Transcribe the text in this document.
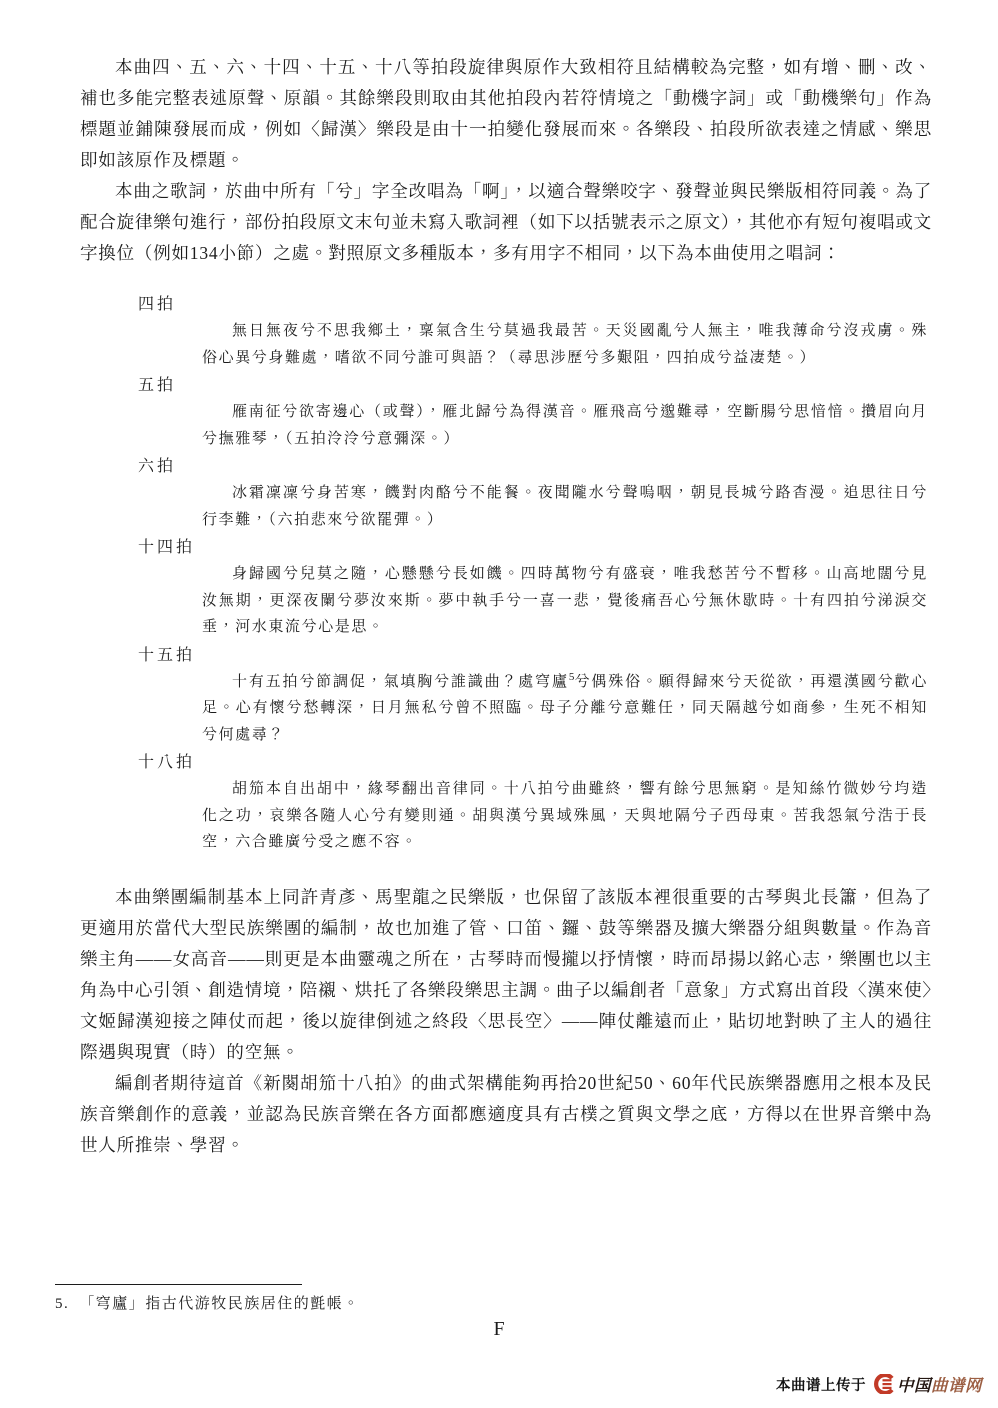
本曲四、五、六、十四、十五、十八等拍段旋律與原作大致相符且結構較為完整，如有增、刪、改、補也多能完整表述原聲、原韻。其餘樂段則取由其他拍段內若符情境之「動機字詞」或「動機樂句」作為標題並鋪陳發展而成，例如〈歸漢〉樂段是由十一拍變化發展而來。各樂段、拍段所欲表達之情感、樂思即如該原作及標題。

本曲之歌詞，於曲中所有「兮」字全改唱為「啊」，以適合聲樂咬字、發聲並與民樂版相符同義。為了配合旋律樂句進行，部份拍段原文末句並未寫入歌詞裡（如下以括號表示之原文），其他亦有短句複唱或文字換位（例如134小節）之處。對照原文多種版本，多有用字不相同，以下為本曲使用之唱詞：

四拍

無日無夜兮不思我鄉土，稟氣含生兮莫過我最苦。天災國亂兮人無主，唯我薄命兮沒戎虜。殊俗心異兮身難處，嗜欲不同兮誰可與語？（尋思涉歷兮多艱阻，四拍成兮益凄楚。）

五拍

雁南征兮欲寄邊心（或聲），雁北歸兮為得漢音。雁飛高兮邈難尋，空斷腸兮思愔愔。攢眉向月兮撫雅琴，（五拍泠泠兮意彌深。）

六拍

冰霜凜凜兮身苦寒，饑對肉酪兮不能餐。夜聞隴水兮聲嗚咽，朝見長城兮路杳漫。追思往日兮行李難，（六拍悲來兮欲罷彈。）

十四拍

身歸國兮兒莫之隨，心懸懸兮長如饑。四時萬物兮有盛衰，唯我愁苦兮不暫移。山高地闊兮見汝無期，更深夜闌兮夢汝來斯。夢中執手兮一喜一悲，覺後痛吾心兮無休歇時。十有四拍兮涕淚交垂，河水東流兮心是思。

十五拍

十有五拍兮節調促，氣填胸兮誰識曲？處穹廬$^5$兮偶殊俗。願得歸來兮天從欲，再還漢國兮歡心足。心有懷兮愁轉深，日月無私兮曾不照臨。母子分離兮意難任，同天隔越兮如商參，生死不相知兮何處尋？

十八拍

胡笳本自出胡中，緣琴翻出音律同。十八拍兮曲雖終，響有餘兮思無窮。是知絲竹微妙兮均造化之功，哀樂各隨人心兮有變則通。胡與漢兮異域殊風，天與地隔兮子西母東。苦我怨氣兮浩于長空，六合雖廣兮受之應不容。

本曲樂團編制基本上同許青彥、馬聖龍之民樂版，也保留了該版本裡很重要的古琴與北長簫，但為了更適用於當代大型民族樂團的編制，故也加進了管、口笛、鑼、鼓等樂器及擴大樂器分組與數量。作為音樂主角——女高音——則更是本曲靈魂之所在，古琴時而慢攏以抒情懷，時而昂揚以銘心志，樂團也以主角為中心引領、創造情境，陪襯、烘托了各樂段樂思主調。曲子以編創者「意象」方式寫出首段〈漢來使〉文姬歸漢迎接之陣仗而起，後以旋律倒述之終段〈思長空〉——陣仗離遠而止，貼切地對映了主人的過往際遇與現實（時）的空無。

編創者期待這首《新闋胡笳十八拍》的曲式架構能夠再拾20世紀50、60年代民族樂器應用之根本及民族音樂創作的意義，並認為民族音樂在各方面都應適度具有古樸之質與文學之底，方得以在世界音樂中為世人所推崇、學習。

5. 「穹廬」指古代游牧民族居住的氈帳。
F
本曲谱上传于 中国 曲谱网
